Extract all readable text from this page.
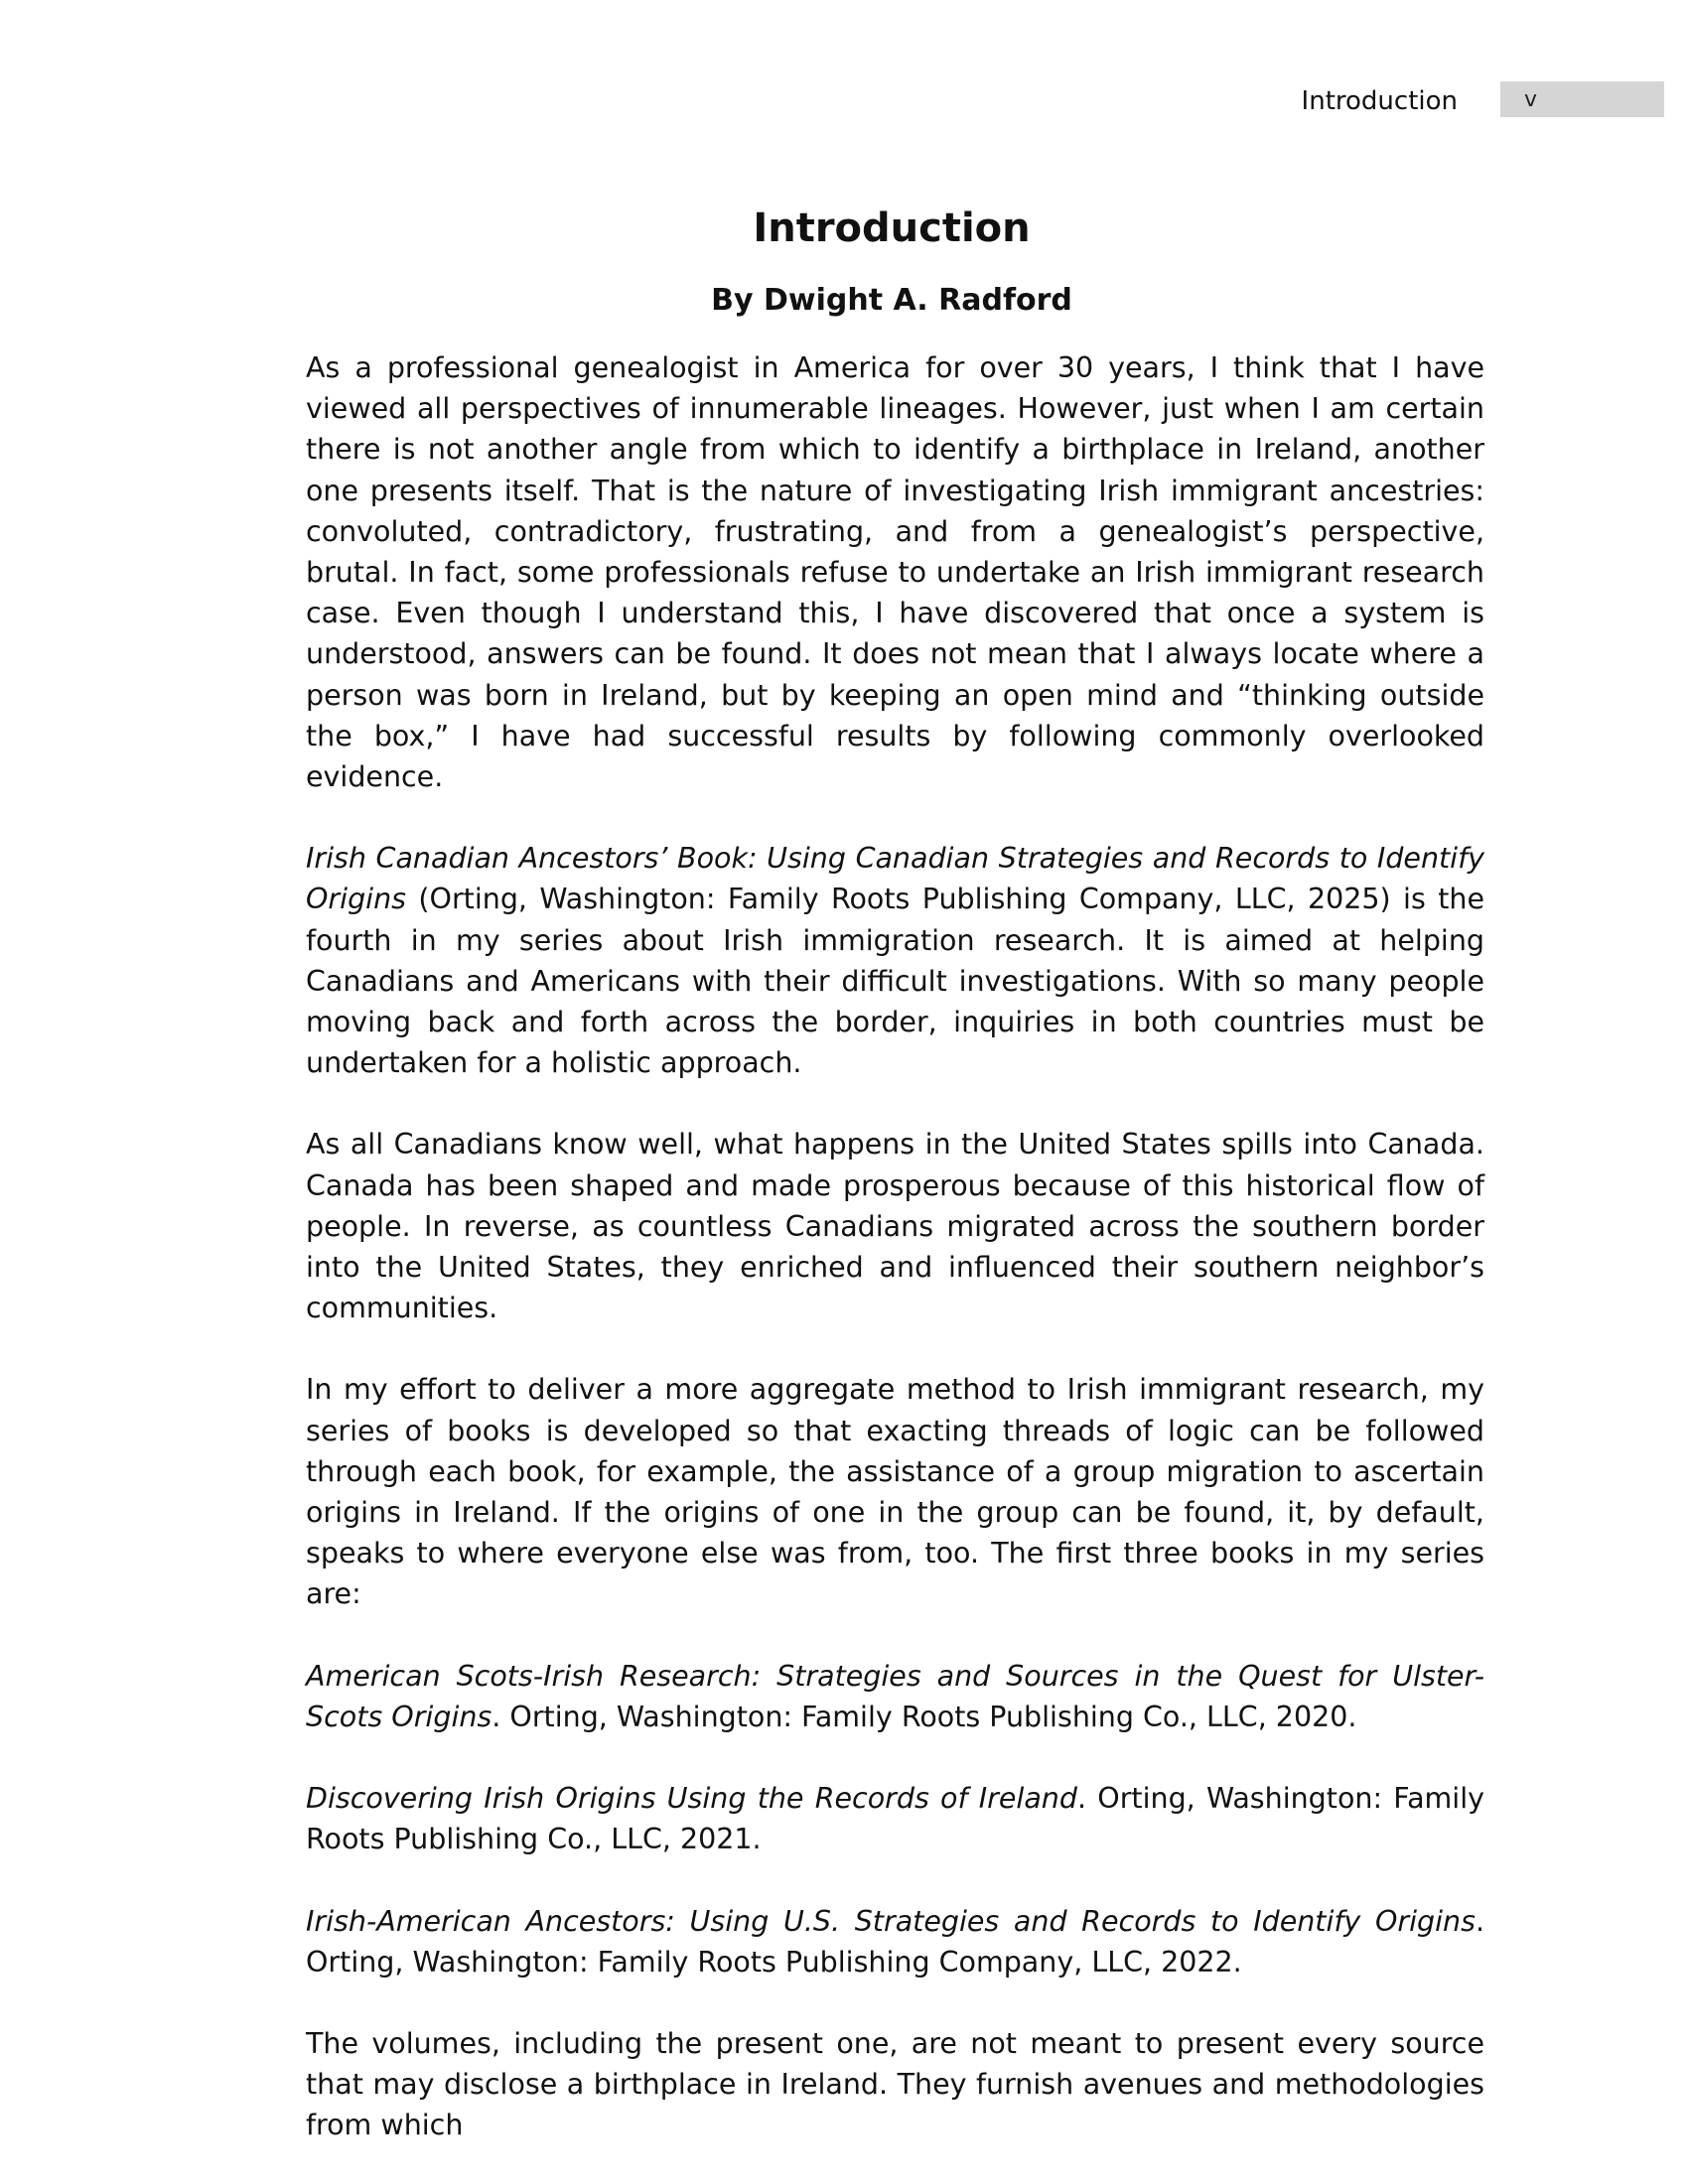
Introduction	v
Introduction
By Dwight A. Radford

As a professional genealogist in America for over 30 years, I think that I have viewed all perspectives of innumerable lineages. However, just when I am certain there is not another angle from which to identify a birthplace in Ireland, another one presents itself. That is the nature of investigating Irish immigrant ancestries: convoluted, contradictory, frustrating, and from a genealogist’s perspective, brutal. In fact, some professionals refuse to undertake an Irish immigrant research case. Even though I understand this, I have discovered that once a system is understood, answers can be found. It does not mean that I always locate where a person was born in Ireland, but by keeping an open mind and “thinking outside the box,” I have had successful results by following commonly overlooked evidence.

Irish Canadian Ancestors’ Book: Using Canadian Strategies and Records to Identify Origins (Orting, Washington: Family Roots Publishing Company, LLC, 2025) is the fourth in my series about Irish immigration research. It is aimed at helping Canadians and Americans with their difficult investigations. With so many people moving back and forth across the border, inquiries in both countries must be undertaken for a holistic approach.

As all Canadians know well, what happens in the United States spills into Canada. Canada has been shaped and made prosperous because of this historical flow of people. In reverse, as countless Canadians migrated across the southern border into the United States, they enriched and influenced their southern neighbor’s communities.

In my effort to deliver a more aggregate method to Irish immigrant research, my series of books is developed so that exacting threads of logic can be followed through each book, for example, the assistance of a group migration to ascertain origins in Ireland. If the origins of one in the group can be found, it, by default, speaks to where everyone else was from, too. The first three books in my series are:

American Scots-Irish Research: Strategies and Sources in the Quest for Ulster-Scots Origins. Orting, Washington: Family Roots Publishing Co., LLC, 2020.

Discovering Irish Origins Using the Records of Ireland. Orting, Washington: Family Roots Publishing Co., LLC, 2021.

Irish-American Ancestors: Using U.S. Strategies and Records to Identify Origins. Orting, Washington: Family Roots Publishing Company, LLC, 2022.

The volumes, including the present one, are not meant to present every source that may disclose a birthplace in Ireland. They furnish avenues and methodologies from which
